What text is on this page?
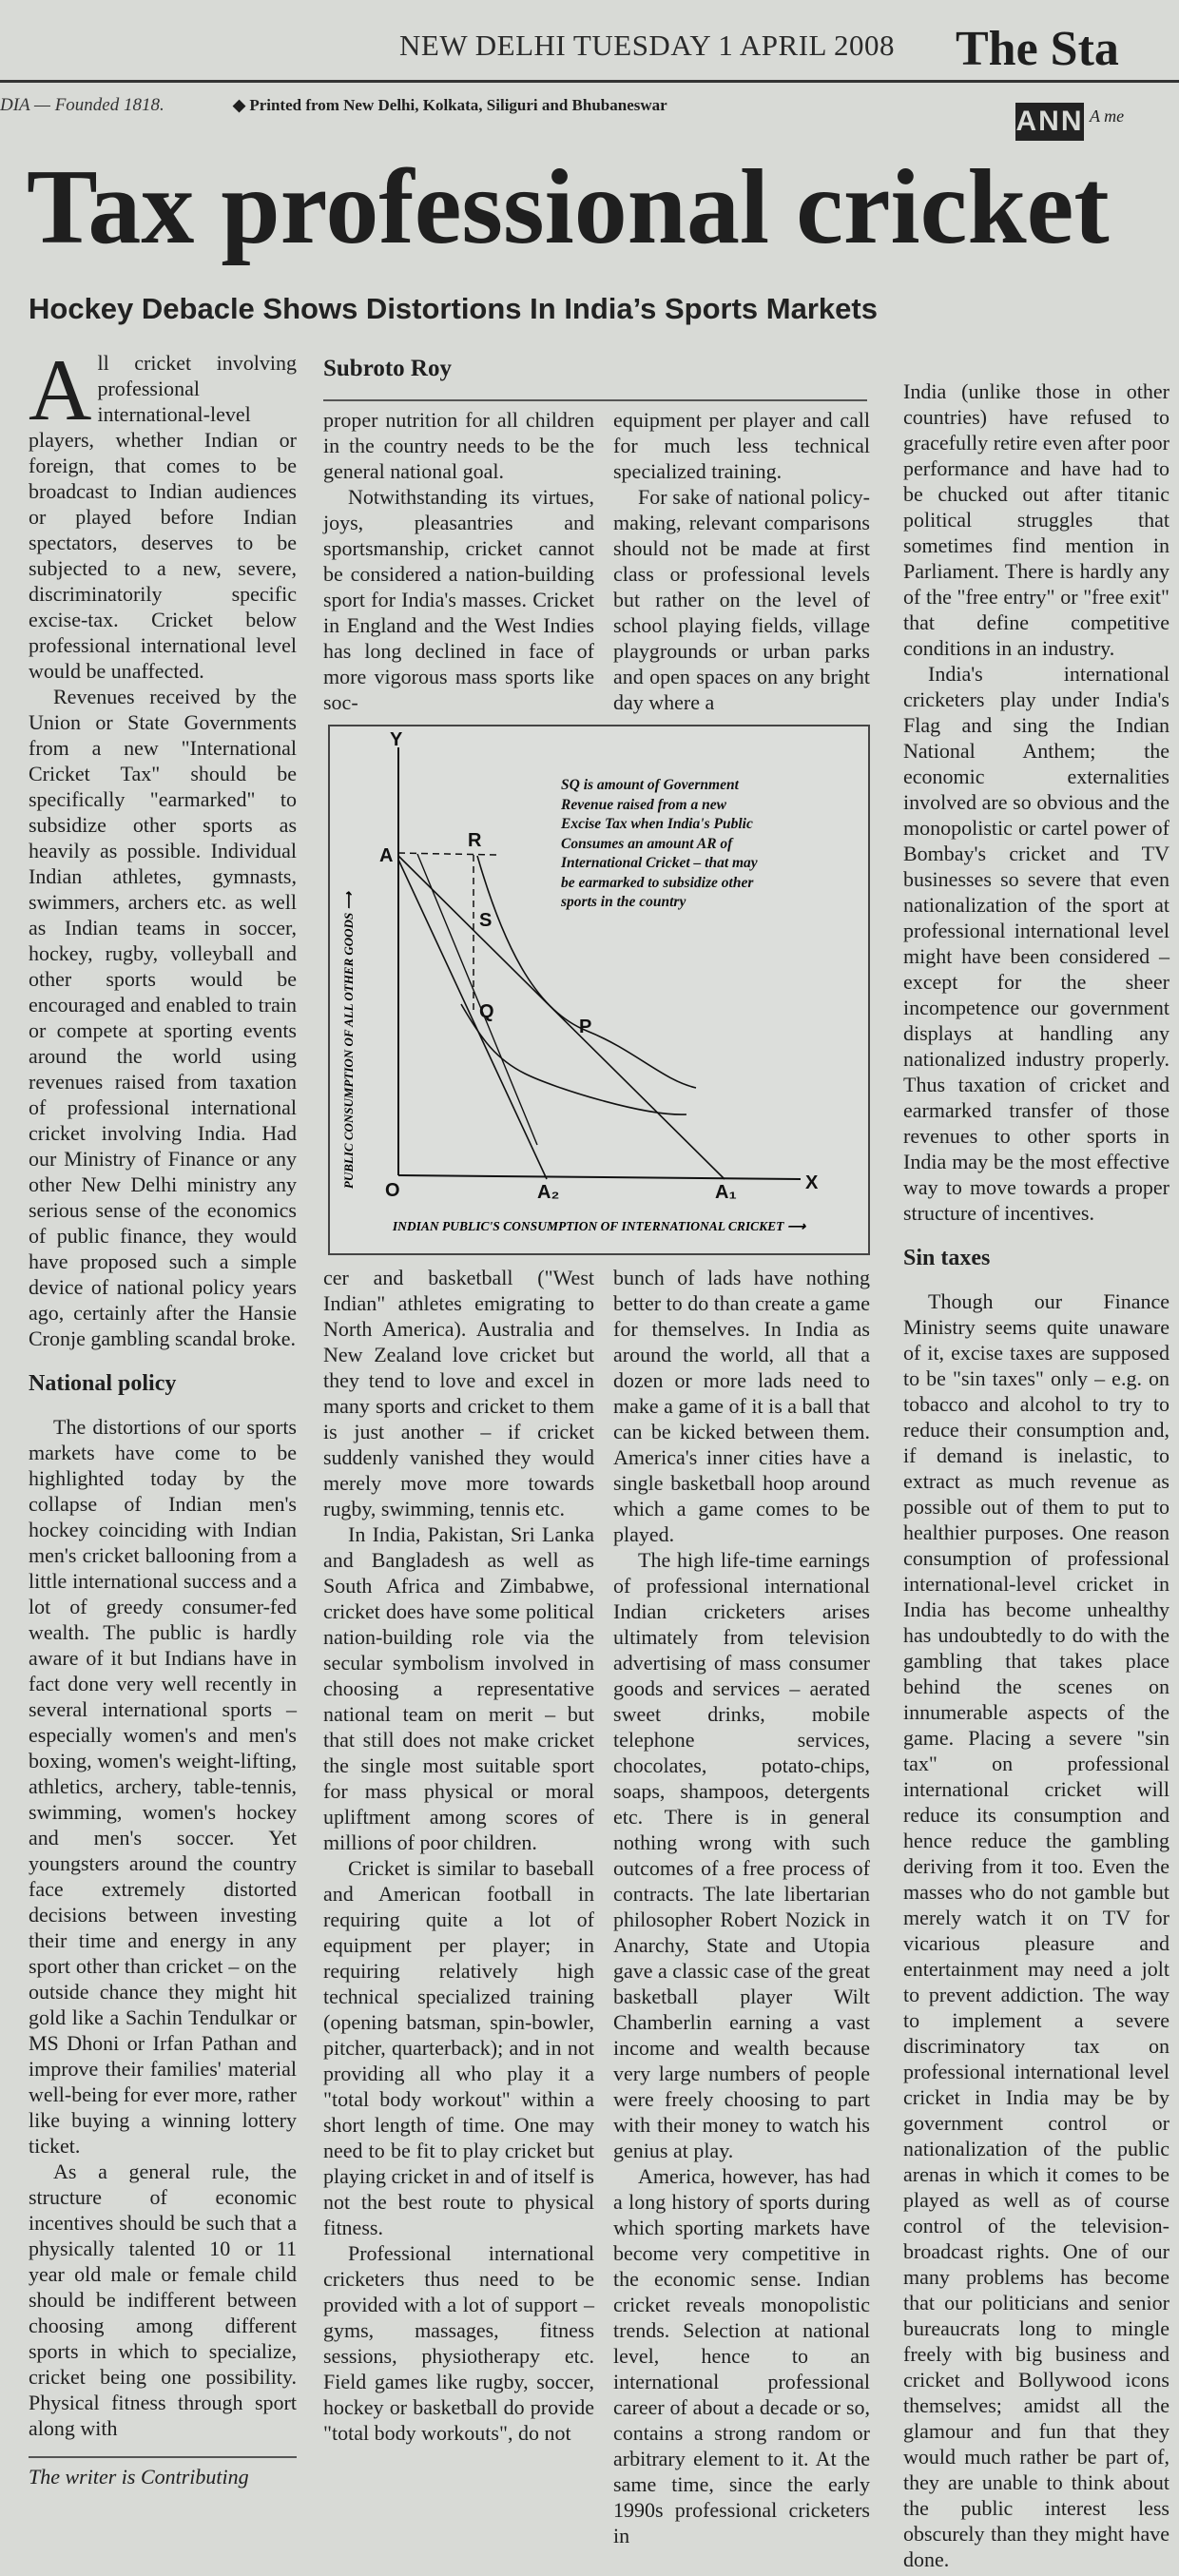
NEW DELHI TUESDAY 1 APRIL 2008 The Sta
DIA — Founded 1818.	◆ Printed from New Delhi, Kolkata, Siliguri and Bhubaneswar
ANN A me
Tax professional cricket
Hockey Debacle Shows Distortions In India’s Sports Markets
Subroto Roy

All cricket involving professional international-level players, whether Indian or foreign, that comes to be broadcast to Indian audiences or played before Indian spectators, deserves to be subjected to a new, severe, discriminatorily specific excise-tax. Cricket below professional international level would be unaffected.

Revenues received by the Union or State Governments from a new "International Cricket Tax" should be specifically "earmarked" to subsidize other sports as heavily as possible. Individual Indian athletes, gymnasts, swimmers, archers etc. as well as Indian teams in soccer, hockey, rugby, volleyball and other sports would be encouraged and enabled to train or compete at sporting events around the world using revenues raised from taxation of professional international cricket involving India. Had our Ministry of Finance or any other New Delhi ministry any serious sense of the economics of public finance, they would have proposed such a simple device of national policy years ago, certainly after the Hansie Cronje gambling scandal broke.

National policy

The distortions of our sports markets have come to be highlighted today by the collapse of Indian men's hockey coinciding with Indian men's cricket ballooning from a little international success and a lot of greedy consumer-fed wealth. The public is hardly aware of it but Indians have in fact done very well recently in several international sports – especially women's and men's boxing, women's weight-lifting, athletics, archery, table-tennis, swimming, women's hockey and men's soccer. Yet youngsters around the country face extremely distorted decisions between investing their time and energy in any sport other than cricket – on the outside chance they might hit gold like a Sachin Tendulkar or MS Dhoni or Irfan Pathan and improve their families' material well-being for ever more, rather like buying a winning lottery ticket.

As a general rule, the structure of economic incentives should be such that a physically talented 10 or 11 year old male or female child should be indifferent between choosing among different sports in which to specialize, cricket being one possibility. Physical fitness through sport along with

The writer is Contributing

proper nutrition for all children in the country needs to be the general national goal.

Notwithstanding its virtues, joys, pleasantries and sportsmanship, cricket cannot be considered a nation-building sport for India's masses. Cricket in England and the West Indies has long declined in face of more vigorous mass sports like soc-

equipment per player and call for much less technical specialized training.

For sake of national policy-making, relevant comparisons should not be made at first class or professional levels but rather on the level of school playing fields, village playgrounds or urban parks and open spaces on any bright day where a

Y
X
O
A
R
S
Q
P
A₂	A₁
PUBLIC CONSUMPTION OF ALL OTHER GOODS ⟶
INDIAN PUBLIC'S CONSUMPTION OF INTERNATIONAL CRICKET ⟶
SQ is amount of Government Revenue raised from a new Excise Tax when India's Public Consumes an amount AR of International Cricket – that may be earmarked to subsidize other sports in the country

cer and basketball ("West Indian" athletes emigrating to North America). Australia and New Zealand love cricket but they tend to love and excel in many sports and cricket to them is just another – if cricket suddenly vanished they would merely move more towards rugby, swimming, tennis etc.

In India, Pakistan, Sri Lanka and Bangladesh as well as South Africa and Zimbabwe, cricket does have some political nation-building role via the secular symbolism involved in choosing a representative national team on merit – but that still does not make cricket the single most suitable sport for mass physical or moral upliftment among scores of millions of poor children.

Cricket is similar to baseball and American football in requiring quite a lot of equipment per player; in requiring relatively high technical specialized training (opening batsman, spin-bowler, pitcher, quarterback); and in not providing all who play it a "total body workout" within a short length of time. One may need to be fit to play cricket but playing cricket in and of itself is not the best route to physical fitness.

Professional international cricketers thus need to be provided with a lot of support – gyms, massages, fitness sessions, physiotherapy etc. Field games like rugby, soccer, hockey or basketball do provide "total body workouts", do not

bunch of lads have nothing better to do than create a game for themselves. In India as around the world, all that a dozen or more lads need to make a game of it is a ball that can be kicked between them. America's inner cities have a single basketball hoop around which a game comes to be played.

The high life-time earnings of professional international Indian cricketers arises ultimately from television advertising of mass consumer goods and services – aerated sweet drinks, mobile telephone services, chocolates, potato-chips, soaps, shampoos, detergents etc. There is in general nothing wrong with such outcomes of a free process of contracts. The late libertarian philosopher Robert Nozick in Anarchy, State and Utopia gave a classic case of the great basketball player Wilt Chamberlin earning a vast income and wealth because very large numbers of people were freely choosing to part with their money to watch his genius at play.

America, however, has had a long history of sports during which sporting markets have become very competitive in the economic sense. Indian cricket reveals monopolistic trends. Selection at national level, hence to an international professional career of about a decade or so, contains a strong random or arbitrary element to it. At the same time, since the early 1990s professional cricketers in

India (unlike those in other countries) have refused to gracefully retire even after poor performance and have had to be chucked out after titanic political struggles that sometimes find mention in Parliament. There is hardly any of the "free entry" or "free exit" that define competitive conditions in an industry.

India's international cricketers play under India's Flag and sing the Indian National Anthem; the economic externalities involved are so obvious and the monopolistic or cartel power of Bombay's cricket and TV businesses so severe that even nationalization of the sport at professional international level might have been considered – except for the sheer incompetence our government displays at handling any nationalized industry properly. Thus taxation of cricket and earmarked transfer of those revenues to other sports in India may be the most effective way to move towards a proper structure of incentives.

Sin taxes

Though our Finance Ministry seems quite unaware of it, excise taxes are supposed to be "sin taxes" only – e.g. on tobacco and alcohol to try to reduce their consumption and, if demand is inelastic, to extract as much revenue as possible out of them to put to healthier purposes. One reason consumption of professional international-level cricket in India has become unhealthy has undoubtedly to do with the gambling that takes place behind the scenes on innumerable aspects of the game. Placing a severe "sin tax" on professional international cricket will reduce its consumption and hence reduce the gambling deriving from it too. Even the masses who do not gamble but merely watch it on TV for vicarious pleasure and entertainment may need a jolt to prevent addiction. The way to implement a severe discriminatory tax on professional international level cricket in India may be by government control or nationalization of the public arenas in which it comes to be played as well as of course control of the television-broadcast rights. One of our many problems has become that our politicians and senior bureaucrats long to mingle freely with big business and cricket and Bollywood icons themselves; amidst all the glamour and fun that they would much rather be part of, they are unable to think about the public interest less obscurely than they might have done.
